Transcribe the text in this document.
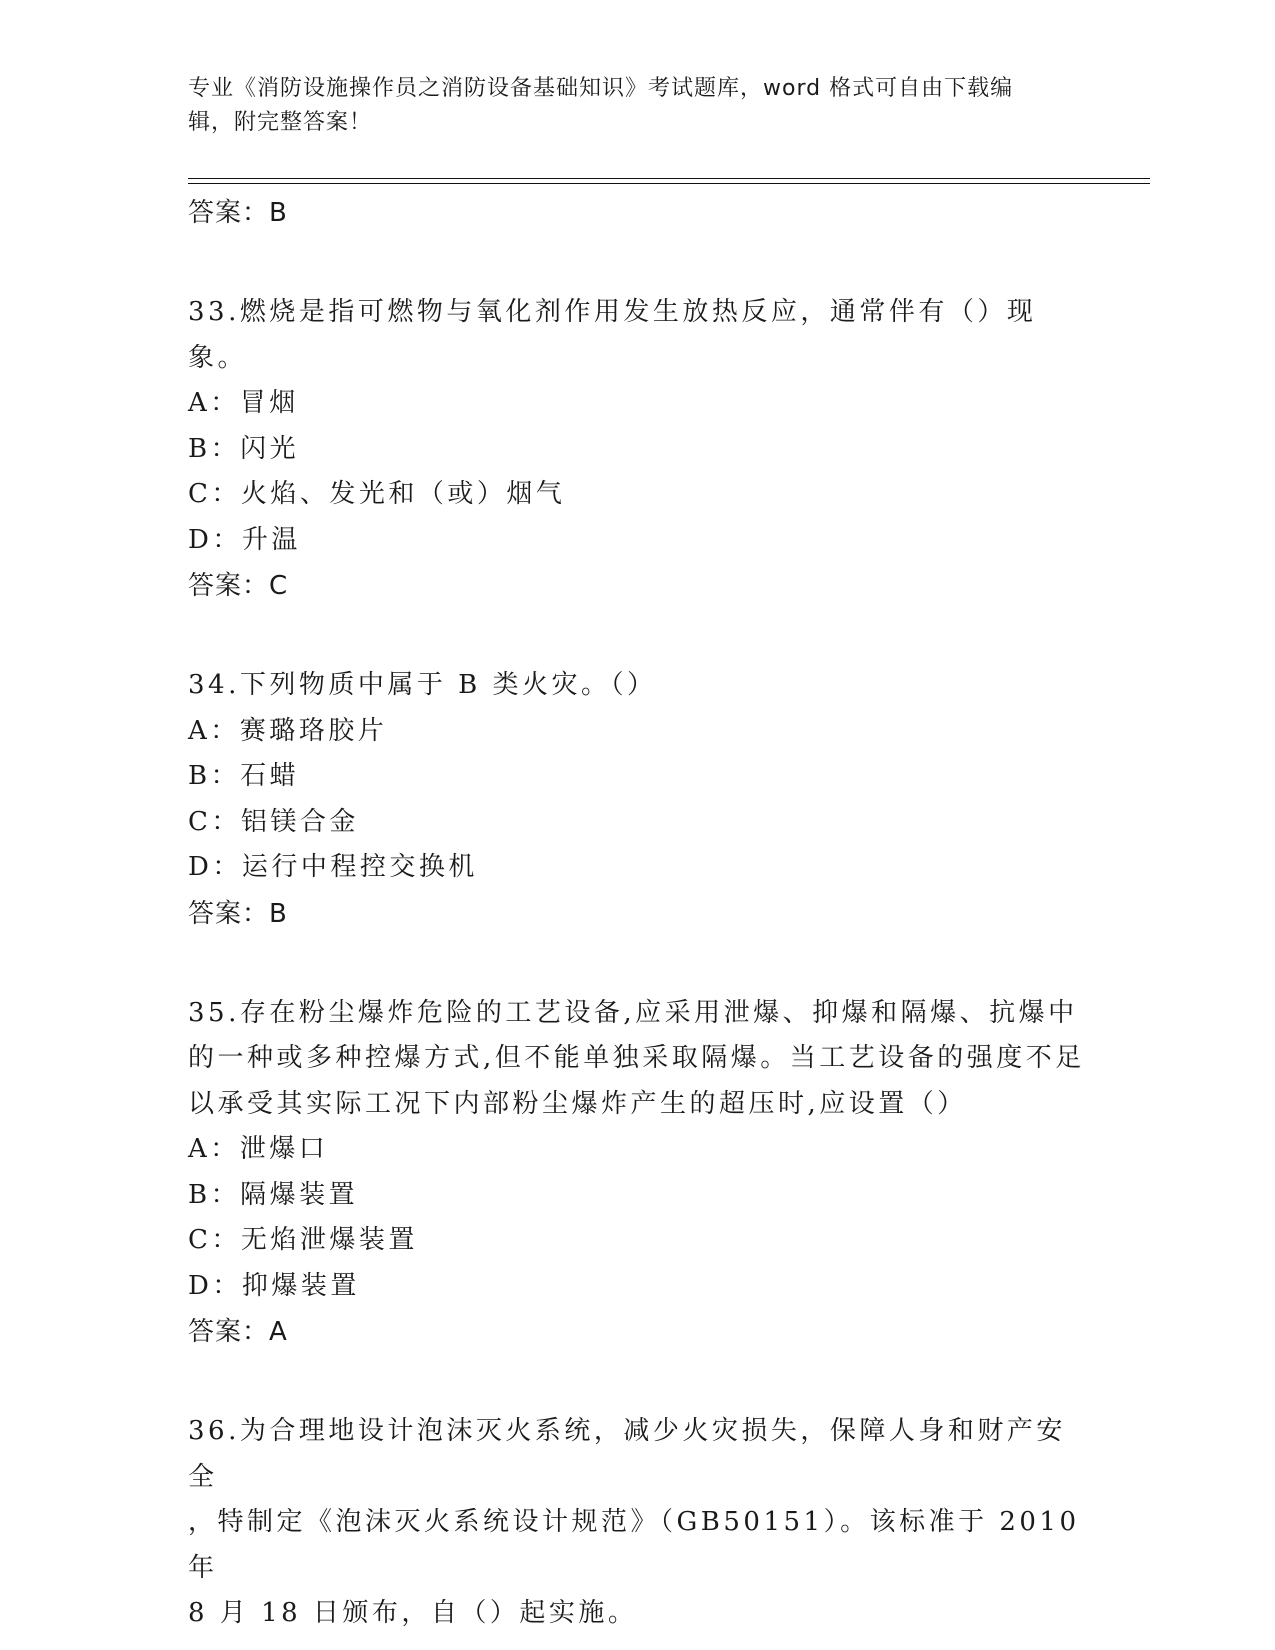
专业《消防设施操作员之消防设备基础知识》考试题库，word 格式可自由下载编
辑，附完整答案！

答案：B

33.燃烧是指可燃物与氧化剂作用发生放热反应，通常伴有（）现象。

A：冒烟

B：闪光

C：火焰、发光和（或）烟气

D：升温

答案：C

34.下列物质中属于 B 类火灾。（）

A：赛璐珞胶片

B：石蜡

C：铝镁合金

D：运行中程控交换机

答案：B

35.存在粉尘爆炸危险的工艺设备,应采用泄爆、抑爆和隔爆、抗爆中

的一种或多种控爆方式,但不能单独采取隔爆。当工艺设备的强度不足

以承受其实际工况下内部粉尘爆炸产生的超压时,应设置（）

A：泄爆口

B：隔爆装置

C：无焰泄爆装置

D：抑爆装置

答案：A

36.为合理地设计泡沫灭火系统，减少火灾损失，保障人身和财产安全

，特制定《泡沫灭火系统设计规范》（GB50151）。该标准于 2010 年

8 月 18 日颁布，自（）起实施。
